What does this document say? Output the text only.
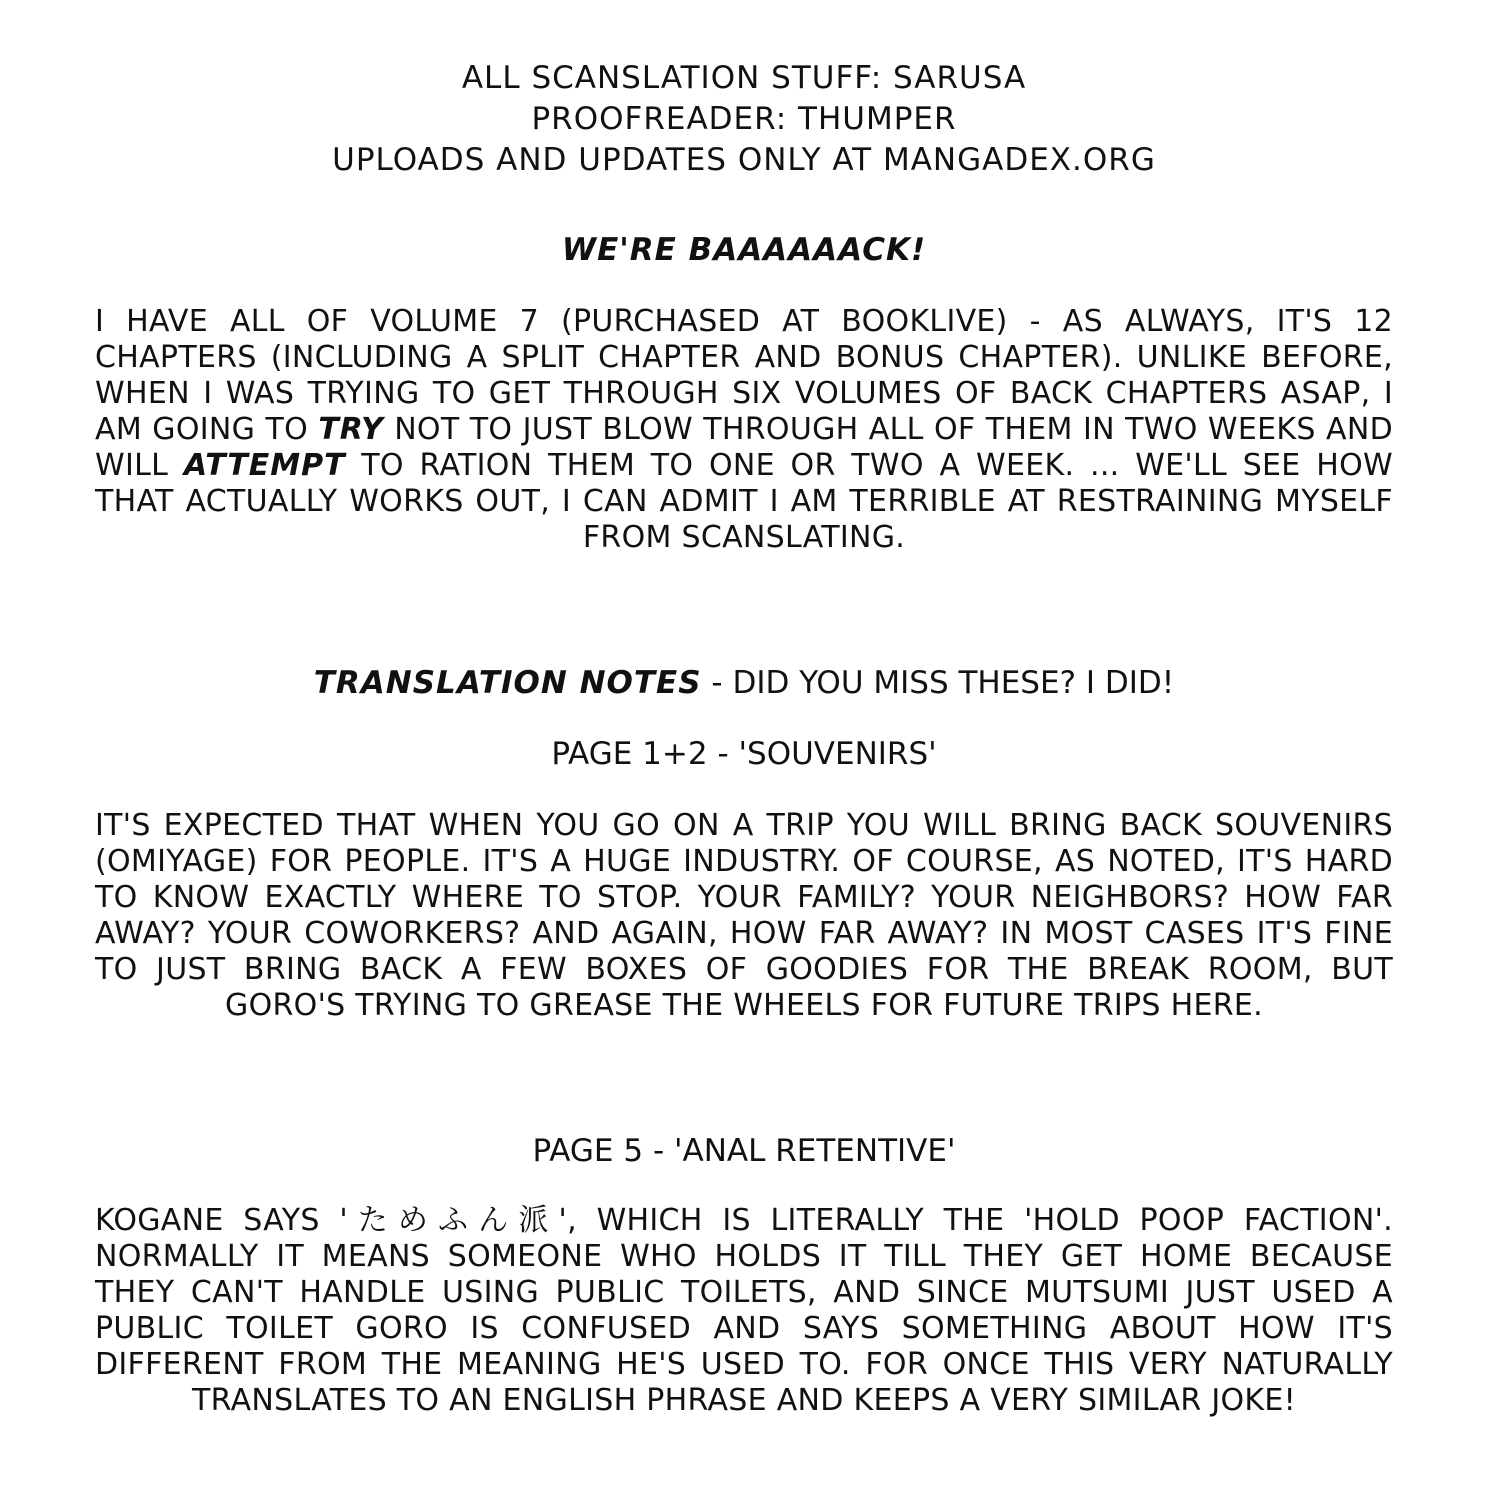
ALL SCANSLATION STUFF: SARUSA
PROOFREADER: THUMPER
UPLOADS AND UPDATES ONLY AT MANGADEX.ORG
WE'RE BAAAAAACK!
I HAVE ALL OF VOLUME 7 (PURCHASED AT BOOKLIVE) - AS ALWAYS, IT'S 12 CHAPTERS (INCLUDING A SPLIT CHAPTER AND BONUS CHAPTER). UNLIKE BEFORE, WHEN I WAS TRYING TO GET THROUGH SIX VOLUMES OF BACK CHAPTERS ASAP, I AM GOING TO TRY NOT TO JUST BLOW THROUGH ALL OF THEM IN TWO WEEKS AND WILL ATTEMPT TO RATION THEM TO ONE OR TWO A WEEK. ... WE'LL SEE HOW THAT ACTUALLY WORKS OUT, I CAN ADMIT I AM TERRIBLE AT RESTRAINING MYSELF FROM SCANSLATING.
TRANSLATION NOTES - DID YOU MISS THESE? I DID!
PAGE 1+2 - 'SOUVENIRS'
IT'S EXPECTED THAT WHEN YOU GO ON A TRIP YOU WILL BRING BACK SOUVENIRS (OMIYAGE) FOR PEOPLE. IT'S A HUGE INDUSTRY. OF COURSE, AS NOTED, IT'S HARD TO KNOW EXACTLY WHERE TO STOP. YOUR FAMILY? YOUR NEIGHBORS? HOW FAR AWAY? YOUR COWORKERS? AND AGAIN, HOW FAR AWAY? IN MOST CASES IT'S FINE TO JUST BRING BACK A FEW BOXES OF GOODIES FOR THE BREAK ROOM, BUT GORO'S TRYING TO GREASE THE WHEELS FOR FUTURE TRIPS HERE.
PAGE 5 - 'ANAL RETENTIVE'
KOGANE SAYS 'ためふん派', WHICH IS LITERALLY THE 'HOLD POOP FACTION'. NORMALLY IT MEANS SOMEONE WHO HOLDS IT TILL THEY GET HOME BECAUSE THEY CAN'T HANDLE USING PUBLIC TOILETS, AND SINCE MUTSUMI JUST USED A PUBLIC TOILET GORO IS CONFUSED AND SAYS SOMETHING ABOUT HOW IT'S DIFFERENT FROM THE MEANING HE'S USED TO. FOR ONCE THIS VERY NATURALLY TRANSLATES TO AN ENGLISH PHRASE AND KEEPS A VERY SIMILAR JOKE!
